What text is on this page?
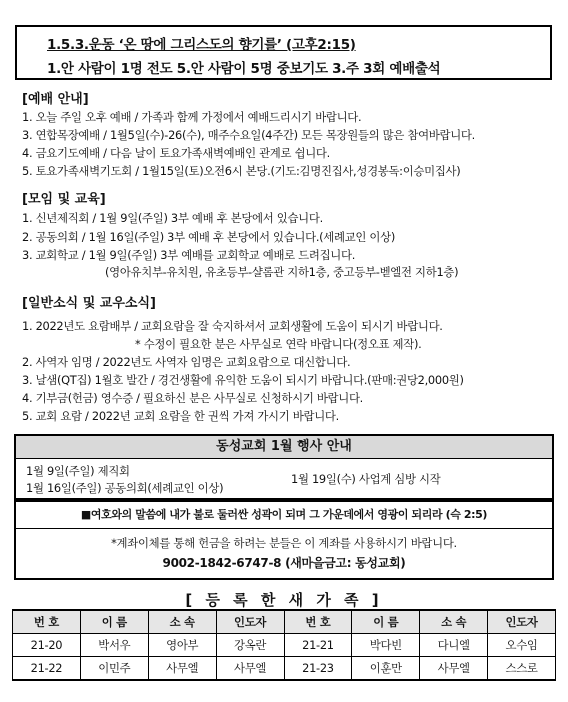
1.5.3.운동 ‘온 땅에 그리스도의 향기를’ (고후2:15)
1.안 사람이 1명 전도 5.안 사람이 5명 중보기도 3.주 3회 예배출석
[예배 안내]
1. 오늘 주일 오후 예배 / 가족과 함께 가정에서 예배드리시기 바랍니다.
3. 연합목장예배 / 1월5일(수)-26(수), 매주수요일(4주간) 모든 목장원들의 많은 참여바랍니다.
4. 금요기도예배 / 다음 날이 토요가족새벽예배인 관계로 쉽니다.
5. 토요가족새벽기도회 / 1월15일(토)오전6시 본당.(기도:김명진집사,성경봉독:이승미집사)
[모임 및 교육]
1. 신년제직회 / 1월 9일(주일) 3부 예배 후 본당에서 있습니다.
2. 공동의회 / 1월 16일(주일) 3부 예배 후 본당에서 있습니다.(세례교인 이상)
3. 교회학교 / 1월 9일(주일) 3부 예배를 교회학교 예배로 드려집니다.
(영아유치부-유치원, 유초등부-샬롬관 지하1층, 중고등부-벧엘전 지하1층)
[일반소식 및 교우소식]
1. 2022년도 요람배부 / 교회요람을 잘 숙지하셔서 교회생활에 도움이 되시기 바랍니다.
* 수정이 필요한 분은 사무실로 연락 바랍니다(정오표 제작).
2. 사역자 임명 / 2022년도 사역자 임명은 교회요람으로 대신합니다.
3. 날샘(QT집) 1월호 발간 / 경건생활에 유익한 도움이 되시기 바랍니다.(판매:권당2,000원)
4. 기부금(헌금) 영수증 / 필요하신 분은 사무실로 신청하시기 바랍니다.
5. 교회 요람 / 2022년 교회 요람을 한 권씩 가져 가시기 바랍니다.
동성교회 1월 행사 안내
1월 9일(주일) 제직회
1월 16일(주일) 공동의회(세례교인 이상)
1월 19일(수) 사업계 심방 시작
■여호와의 말씀에 내가 불로 둘러싼 성곽이 되며 그 가운데에서 영광이 되리라 (슥 2:5)
*계좌이체를 통해 헌금을 하려는 분들은 이 계좌를 사용하시기 바랍니다.
9002-1842-6747-8 (새마을금고: 동성교회)
[ 등 록 한 새 가 족 ]
번 호	이 름	소 속	인도자	번 호	이 름	소 속	인도자
21-20	박서우	영아부	강옥란	21-21	박다빈	다니엘	오수임
21-22	이민주	사무엘	사무엘	21-23	이훈만	사무엘	스스로
